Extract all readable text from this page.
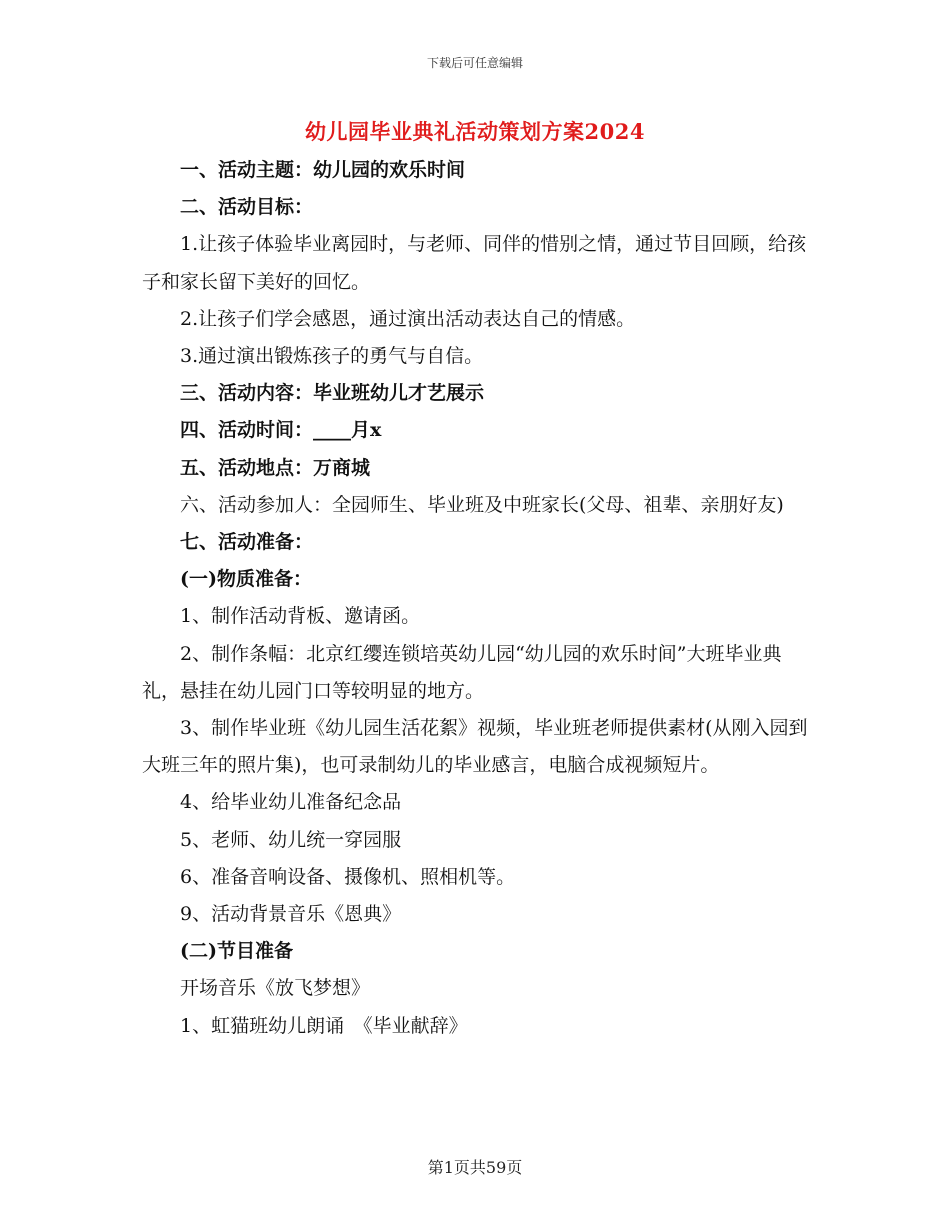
下载后可任意编辑
幼儿园毕业典礼活动策划方案2024

一、活动主题：幼儿园的欢乐时间

二、活动目标：

1.让孩子体验毕业离园时，与老师、同伴的惜别之情，通过节目回顾，给孩子和家长留下美好的回忆。

2.让孩子们学会感恩，通过演出活动表达自己的情感。

3.通过演出锻炼孩子的勇气与自信。

三、活动内容：毕业班幼儿才艺展示

四、活动时间：____月x

五、活动地点：万商城

六、活动参加人：全园师生、毕业班及中班家长(父母、祖辈、亲朋好友)

七、活动准备：

(一)物质准备：

1、制作活动背板、邀请函。

2、制作条幅：北京红缨连锁培英幼儿园“幼儿园的欢乐时间”大班毕业典礼，悬挂在幼儿园门口等较明显的地方。

3、制作毕业班《幼儿园生活花絮》视频，毕业班老师提供素材(从刚入园到大班三年的照片集)，也可录制幼儿的毕业感言，电脑合成视频短片。

4、给毕业幼儿准备纪念品

5、老师、幼儿统一穿园服

6、准备音响设备、摄像机、照相机等。

9、活动背景音乐《恩典》

(二)节目准备

开场音乐《放飞梦想》

1、虹猫班幼儿朗诵　《毕业献辞》

第1页共59页
